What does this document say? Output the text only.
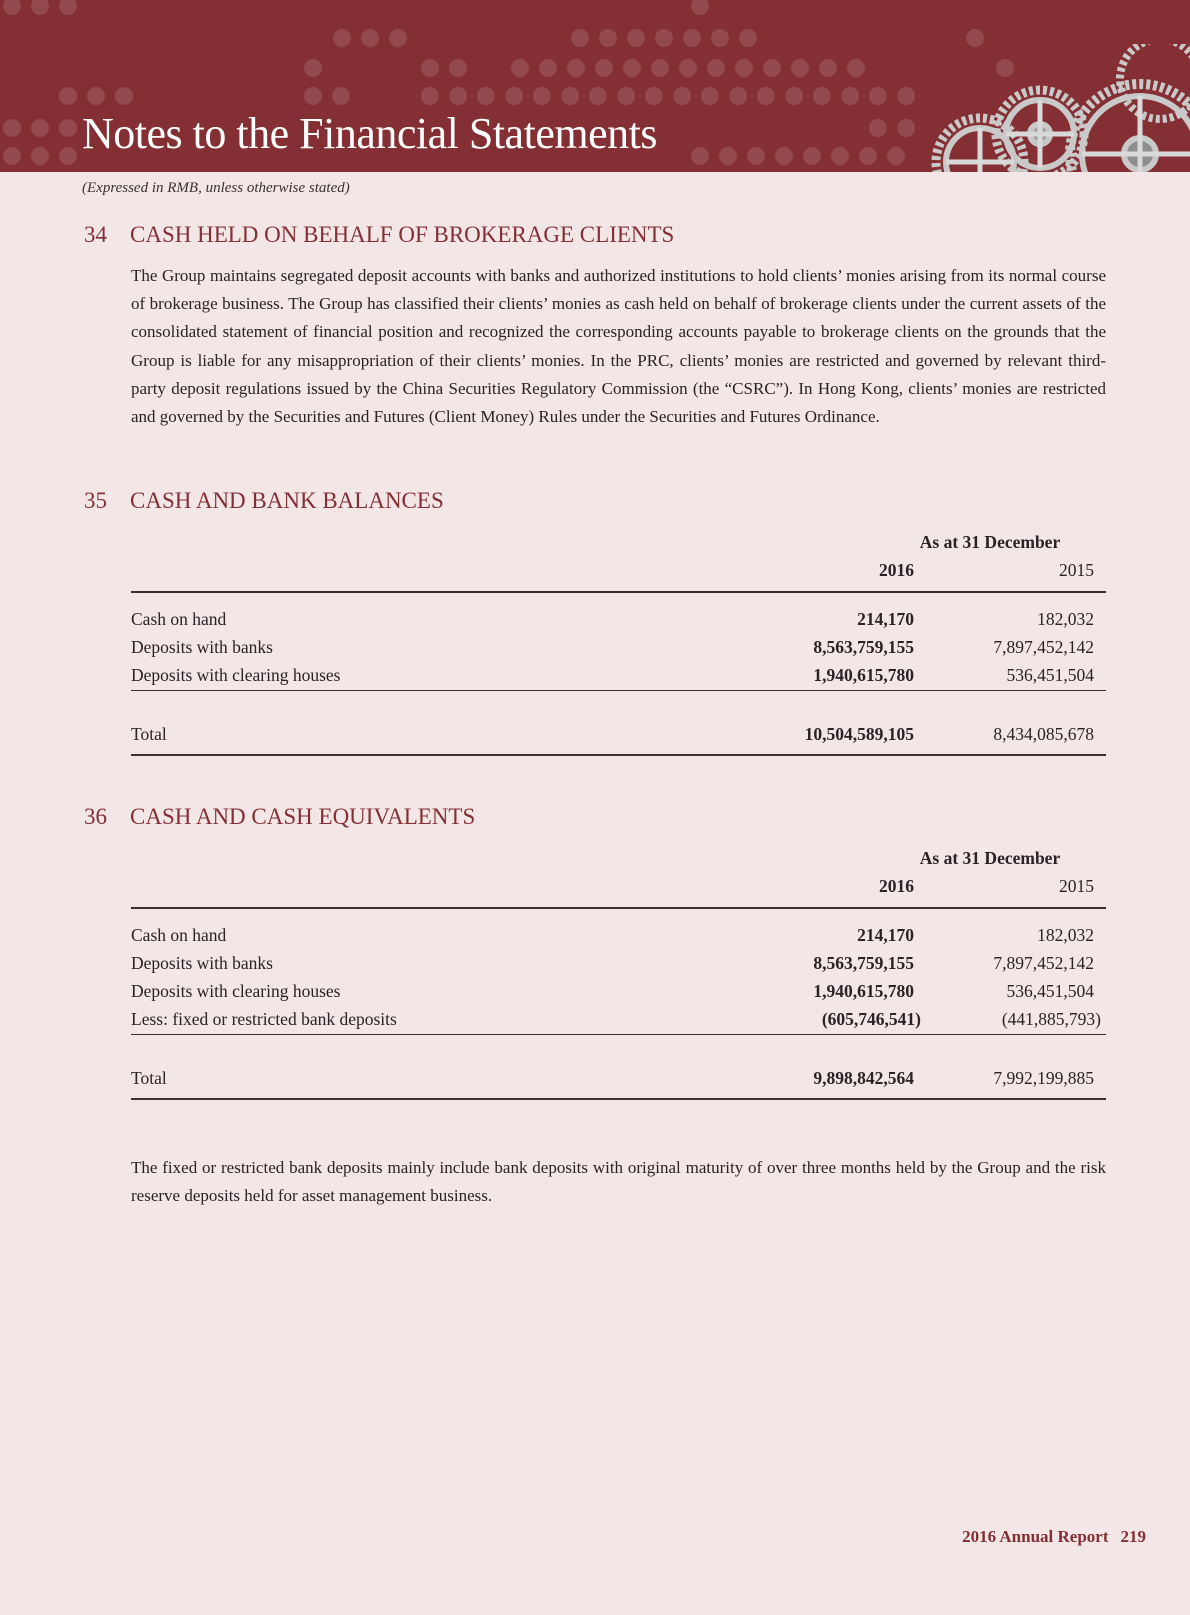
Notes to the Financial Statements
(Expressed in RMB, unless otherwise stated)
34 CASH HELD ON BEHALF OF BROKERAGE CLIENTS
The Group maintains segregated deposit accounts with banks and authorized institutions to hold clients’ monies arising from its normal course of brokerage business. The Group has classified their clients’ monies as cash held on behalf of brokerage clients under the current assets of the consolidated statement of financial position and recognized the corresponding accounts payable to brokerage clients on the grounds that the Group is liable for any misappropriation of their clients’ monies. In the PRC, clients’ monies are restricted and governed by relevant third-party deposit regulations issued by the China Securities Regulatory Commission (the “CSRC”). In Hong Kong, clients’ monies are restricted and governed by the Securities and Futures (Client Money) Rules under the Securities and Futures Ordinance.
35 CASH AND BANK BALANCES
As at 31 December
2016	2015
Cash on hand	214,170	182,032
Deposits with banks	8,563,759,155	7,897,452,142
Deposits with clearing houses	1,940,615,780	536,451,504
Total	10,504,589,105	8,434,085,678
36 CASH AND CASH EQUIVALENTS
As at 31 December
2016	2015
Cash on hand	214,170	182,032
Deposits with banks	8,563,759,155	7,897,452,142
Deposits with clearing houses	1,940,615,780	536,451,504
Less: fixed or restricted bank deposits	(605,746,541)	(441,885,793)
Total	9,898,842,564	7,992,199,885
The fixed or restricted bank deposits mainly include bank deposits with original maturity of over three months held by the Group and the risk reserve deposits held for asset management business.
2016 Annual Report 219
